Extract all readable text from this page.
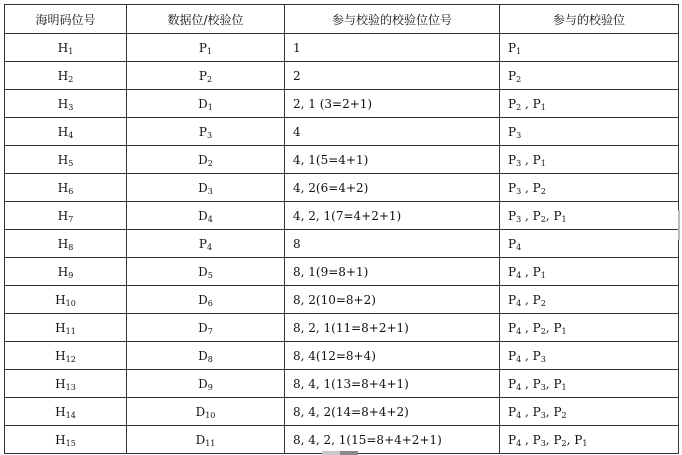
海明码位号	数据位/校验位	参与校验的校验位位号	参与的校验位
$H_1$	$P_1$	1	$P_1$
$H_2$	$P_2$	2	$P_2$
$H_3$	$D_1$	2, 1 (3=2+1)	$P_2$ , $P_1$
$H_4$	$P_3$	4	$P_3$
$H_5$	$D_2$	4, 1(5=4+1)	$P_3$ , $P_1$
$H_6$	$D_3$	4, 2(6=4+2)	$P_3$ , $P_2$
$H_7$	$D_4$	4, 2, 1(7=4+2+1)	$P_3$ , $P_2$, $P_1$
$H_8$	$P_4$	8	$P_4$
$H_9$	$D_5$	8, 1(9=8+1)	$P_4$ , $P_1$
$H_{10}$	$D_6$	8, 2(10=8+2)	$P_4$ , $P_2$
$H_{11}$	$D_7$	8, 2, 1(11=8+2+1)	$P_4$ , $P_2$, $P_1$
$H_{12}$	$D_8$	8, 4(12=8+4)	$P_4$ , $P_3$
$H_{13}$	$D_9$	8, 4, 1(13=8+4+1)	$P_4$ , $P_3$, $P_1$
$H_{14}$	$D_{10}$	8, 4, 2(14=8+4+2)	$P_4$ , $P_3$, $P_2$
$H_{15}$	$D_{11}$	8, 4, 2, 1(15=8+4+2+1)	$P_4$ , $P_3$, $P_2$, $P_1$
